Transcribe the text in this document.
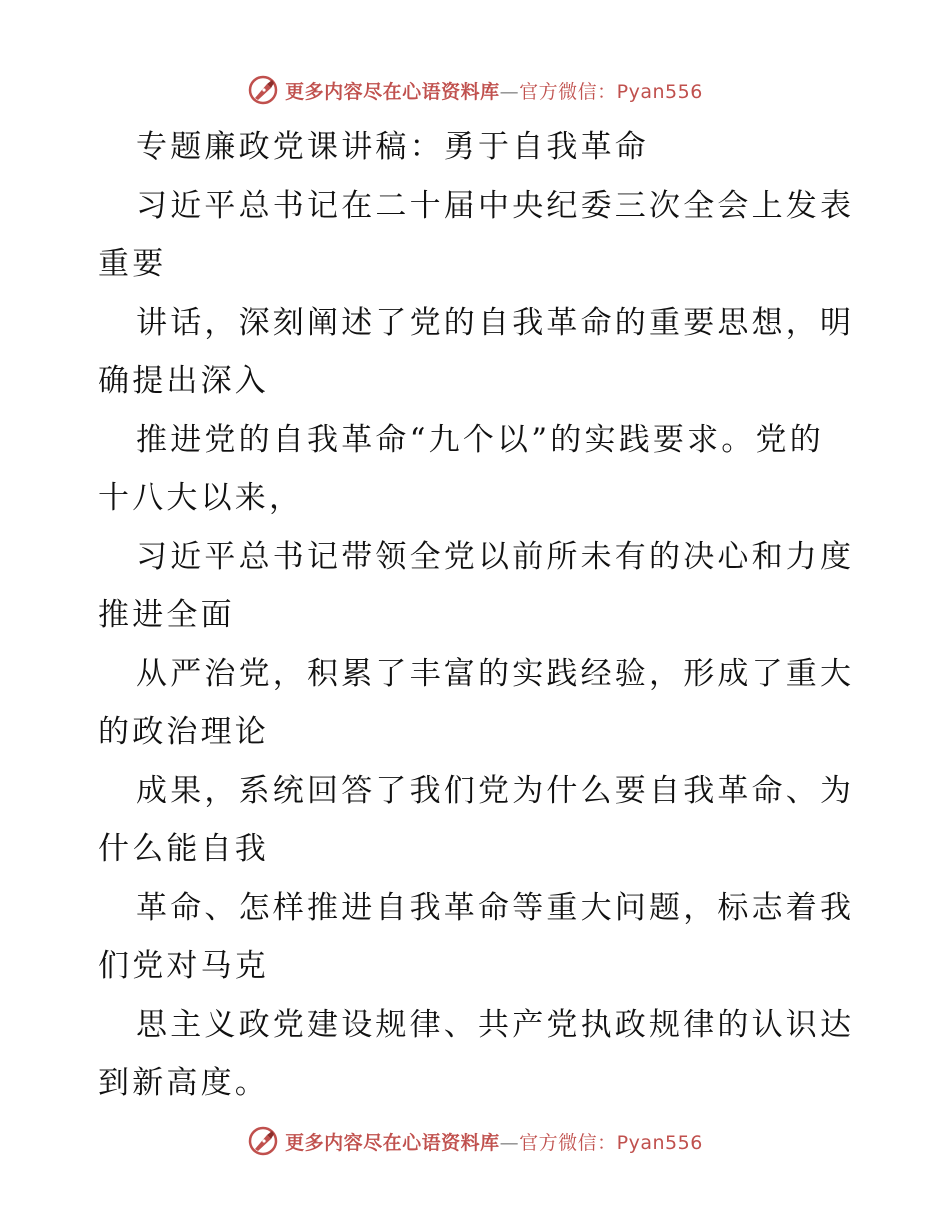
更多内容尽在心语资料库—官方微信：Pyan556
专题廉政党课讲稿：勇于自我革命
习近平总书记在二十届中央纪委三次全会上发表
重要
讲话，深刻阐述了党的自我革命的重要思想，明
确提出深入
推进党的自我革命“九个以”的实践要求。党的
十八大以来，
习近平总书记带领全党以前所未有的决心和力度
推进全面
从严治党，积累了丰富的实践经验，形成了重大
的政治理论
成果，系统回答了我们党为什么要自我革命、为
什么能自我
革命、怎样推进自我革命等重大问题，标志着我
们党对马克
思主义政党建设规律、共产党执政规律的认识达
到新高度。
更多内容尽在心语资料库—官方微信：Pyan556
